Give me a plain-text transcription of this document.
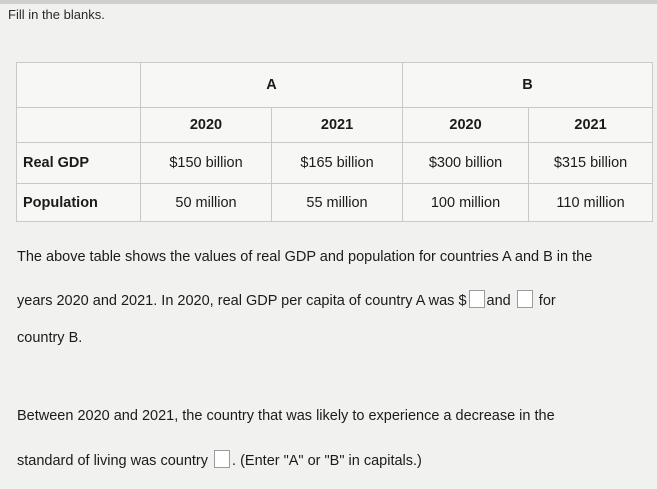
Fill in the blanks.
	A		B	
	2020	2021	2020	2021
Real GDP	$150 billion	$165 billion	$300 billion	$315 billion
Population	50 million	55 million	100 million	110 million
The above table shows the values of real GDP and population for countries A and B in the
years 2020 and 2021. In 2020, real GDP per capita of country A was $ and for
country B.
Between 2020 and 2021, the country that was likely to experience a decrease in the
standard of living was country . (Enter "A" or "B" in capitals.)
